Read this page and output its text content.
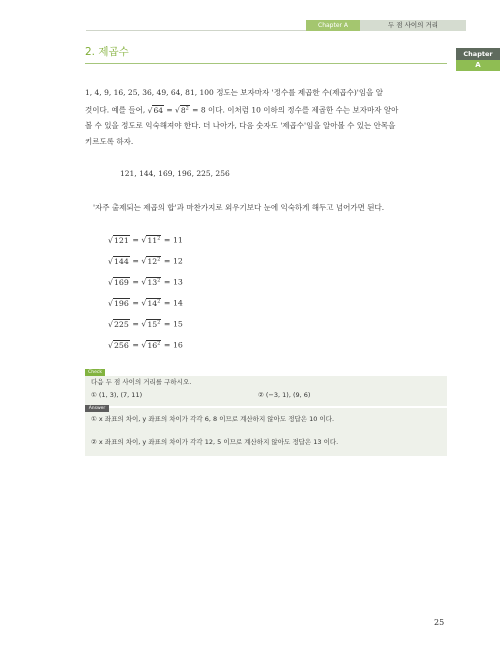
Chapter A	두 점 사이의 거리
Chapter
A
2. 제곱수
1, 4, 9, 16, 25, 36, 49, 64, 81, 100 정도는 보자마자 '정수를 제곱한 수(제곱수)'임을 알
것이다. 예를 들어, $√64 = √8^2 = 8$ 이다. 이처럼 10 이하의 정수를 제곱한 수는 보자마자 알아
볼 수 있을 정도로 익숙해져야 한다. 더 나아가, 다음 숫자도 '제곱수'임을 알아볼 수 있는 안목을
키르도록 하자.
121, 144, 169, 196, 225, 256
'자주 출제되는 제곱의 합'과 마찬가지로 외우기보다 눈에 익숙하게 해두고 넘어가면 된다.
$√121 = √11^2 = 11$
$√144 = √12^2 = 12$
$√169 = √13^2 = 13$
$√196 = √14^2 = 14$
$√225 = √15^2 = 15$
$√256 = √16^2 = 16$
Check
다음 두 점 사이의 거리를 구하시오.
① (1, 3), (7, 11)	② (−3, 1), (9, 6)
Answer
① x 좌표의 차이, y 좌표의 차이가 각각 6, 8 이므로 계산하지 않아도 정답은 10 이다.
② x 좌표의 차이, y 좌표의 차이가 각각 12, 5 이므로 계산하지 않아도 정답은 13 이다.
25
